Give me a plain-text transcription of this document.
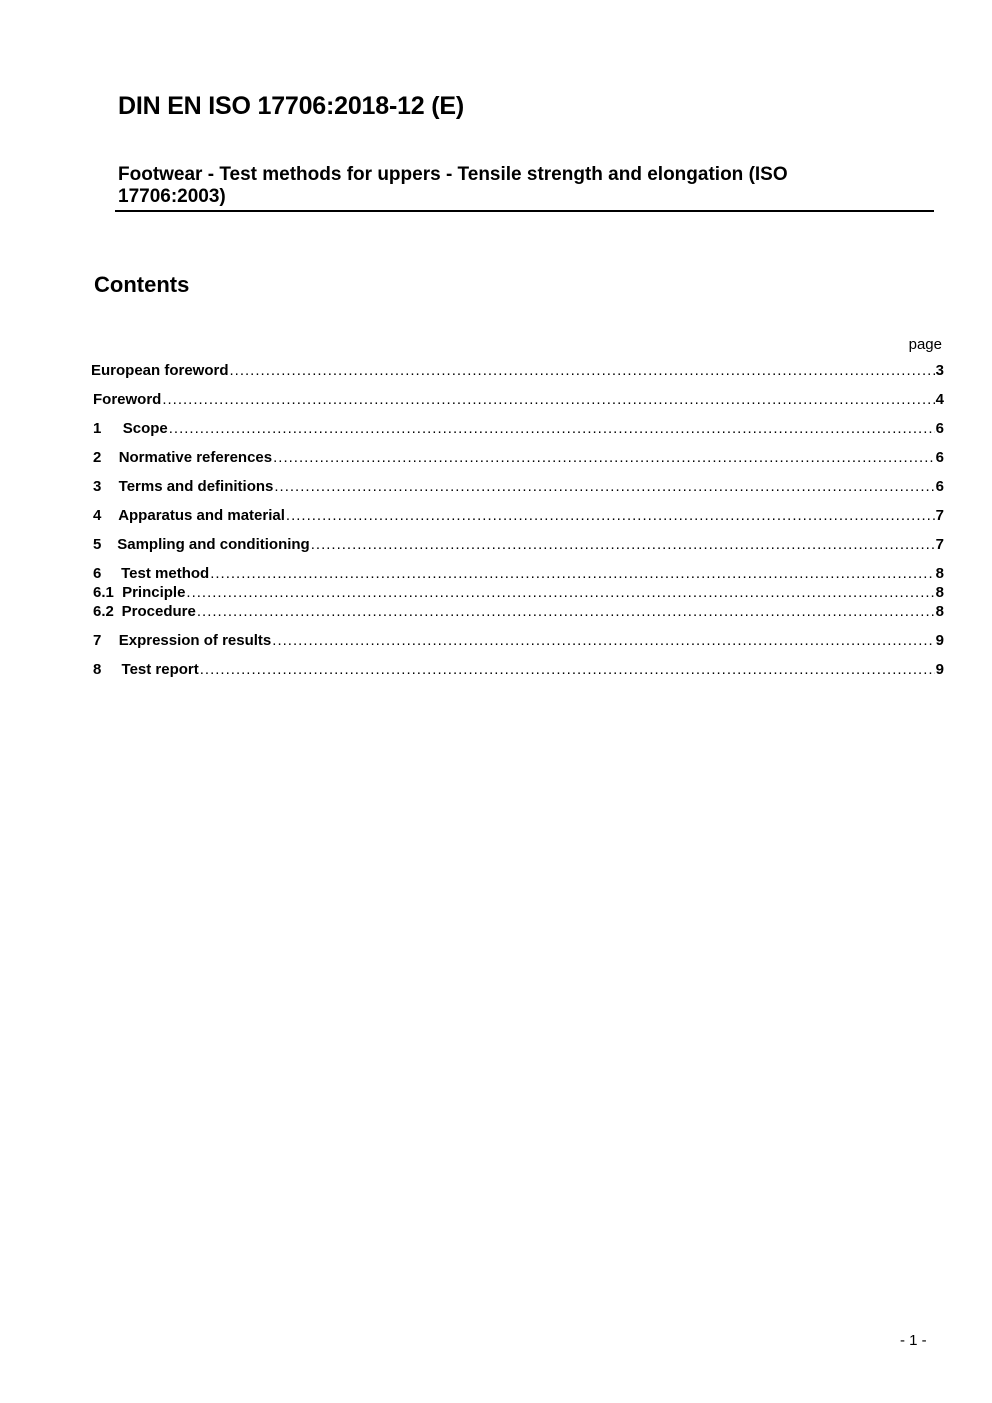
DIN EN ISO 17706:2018-12 (E)
Footwear - Test methods for uppers - Tensile strength and elongation (ISO 17706:2003)
Contents
page
European foreword .....	3
Foreword .....	4
1	Scope .....	6
2	Normative references .....	6
3	Terms and definitions .....	6
4	Apparatus and material .....	7
5	Sampling and conditioning .....	7
6	Test method .....	8
6.1 Principle .....	8
6.2 Procedure .....	8
7	Expression of results .....	9
8	Test report .....	9
- 1 -
